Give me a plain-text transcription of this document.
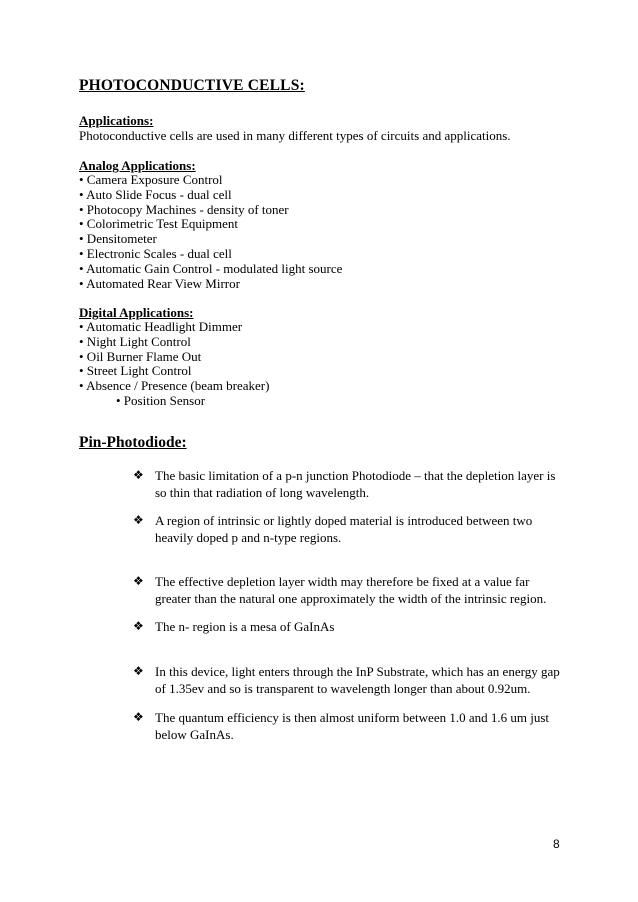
PHOTOCONDUCTIVE CELLS:
Applications:
Photoconductive cells are used in many different types of circuits and applications.
Analog Applications:
• Camera Exposure Control
• Auto Slide Focus - dual cell
• Photocopy Machines - density of toner
• Colorimetric Test Equipment
• Densitometer
• Electronic Scales - dual cell
• Automatic Gain Control - modulated light source
• Automated Rear View Mirror
Digital Applications:
• Automatic Headlight Dimmer
• Night Light Control
• Oil Burner Flame Out
• Street Light Control
• Absence / Presence (beam breaker)
• Position Sensor
Pin-Photodiode:
❖ The basic limitation of a p-n junction Photodiode – that the depletion layer is so thin that radiation of long wavelength.
❖ A region of intrinsic or lightly doped material is introduced between two heavily doped p and n-type regions.
❖ The effective depletion layer width may therefore be fixed at a value far greater than the natural one approximately the width of the intrinsic region.
❖ The n- region is a mesa of GaInAs
❖ In this device, light enters through the InP Substrate, which has an energy gap of 1.35ev and so is transparent to wavelength longer than about 0.92um.
❖ The quantum efficiency is then almost uniform between 1.0 and 1.6 um just below GaInAs.
8
